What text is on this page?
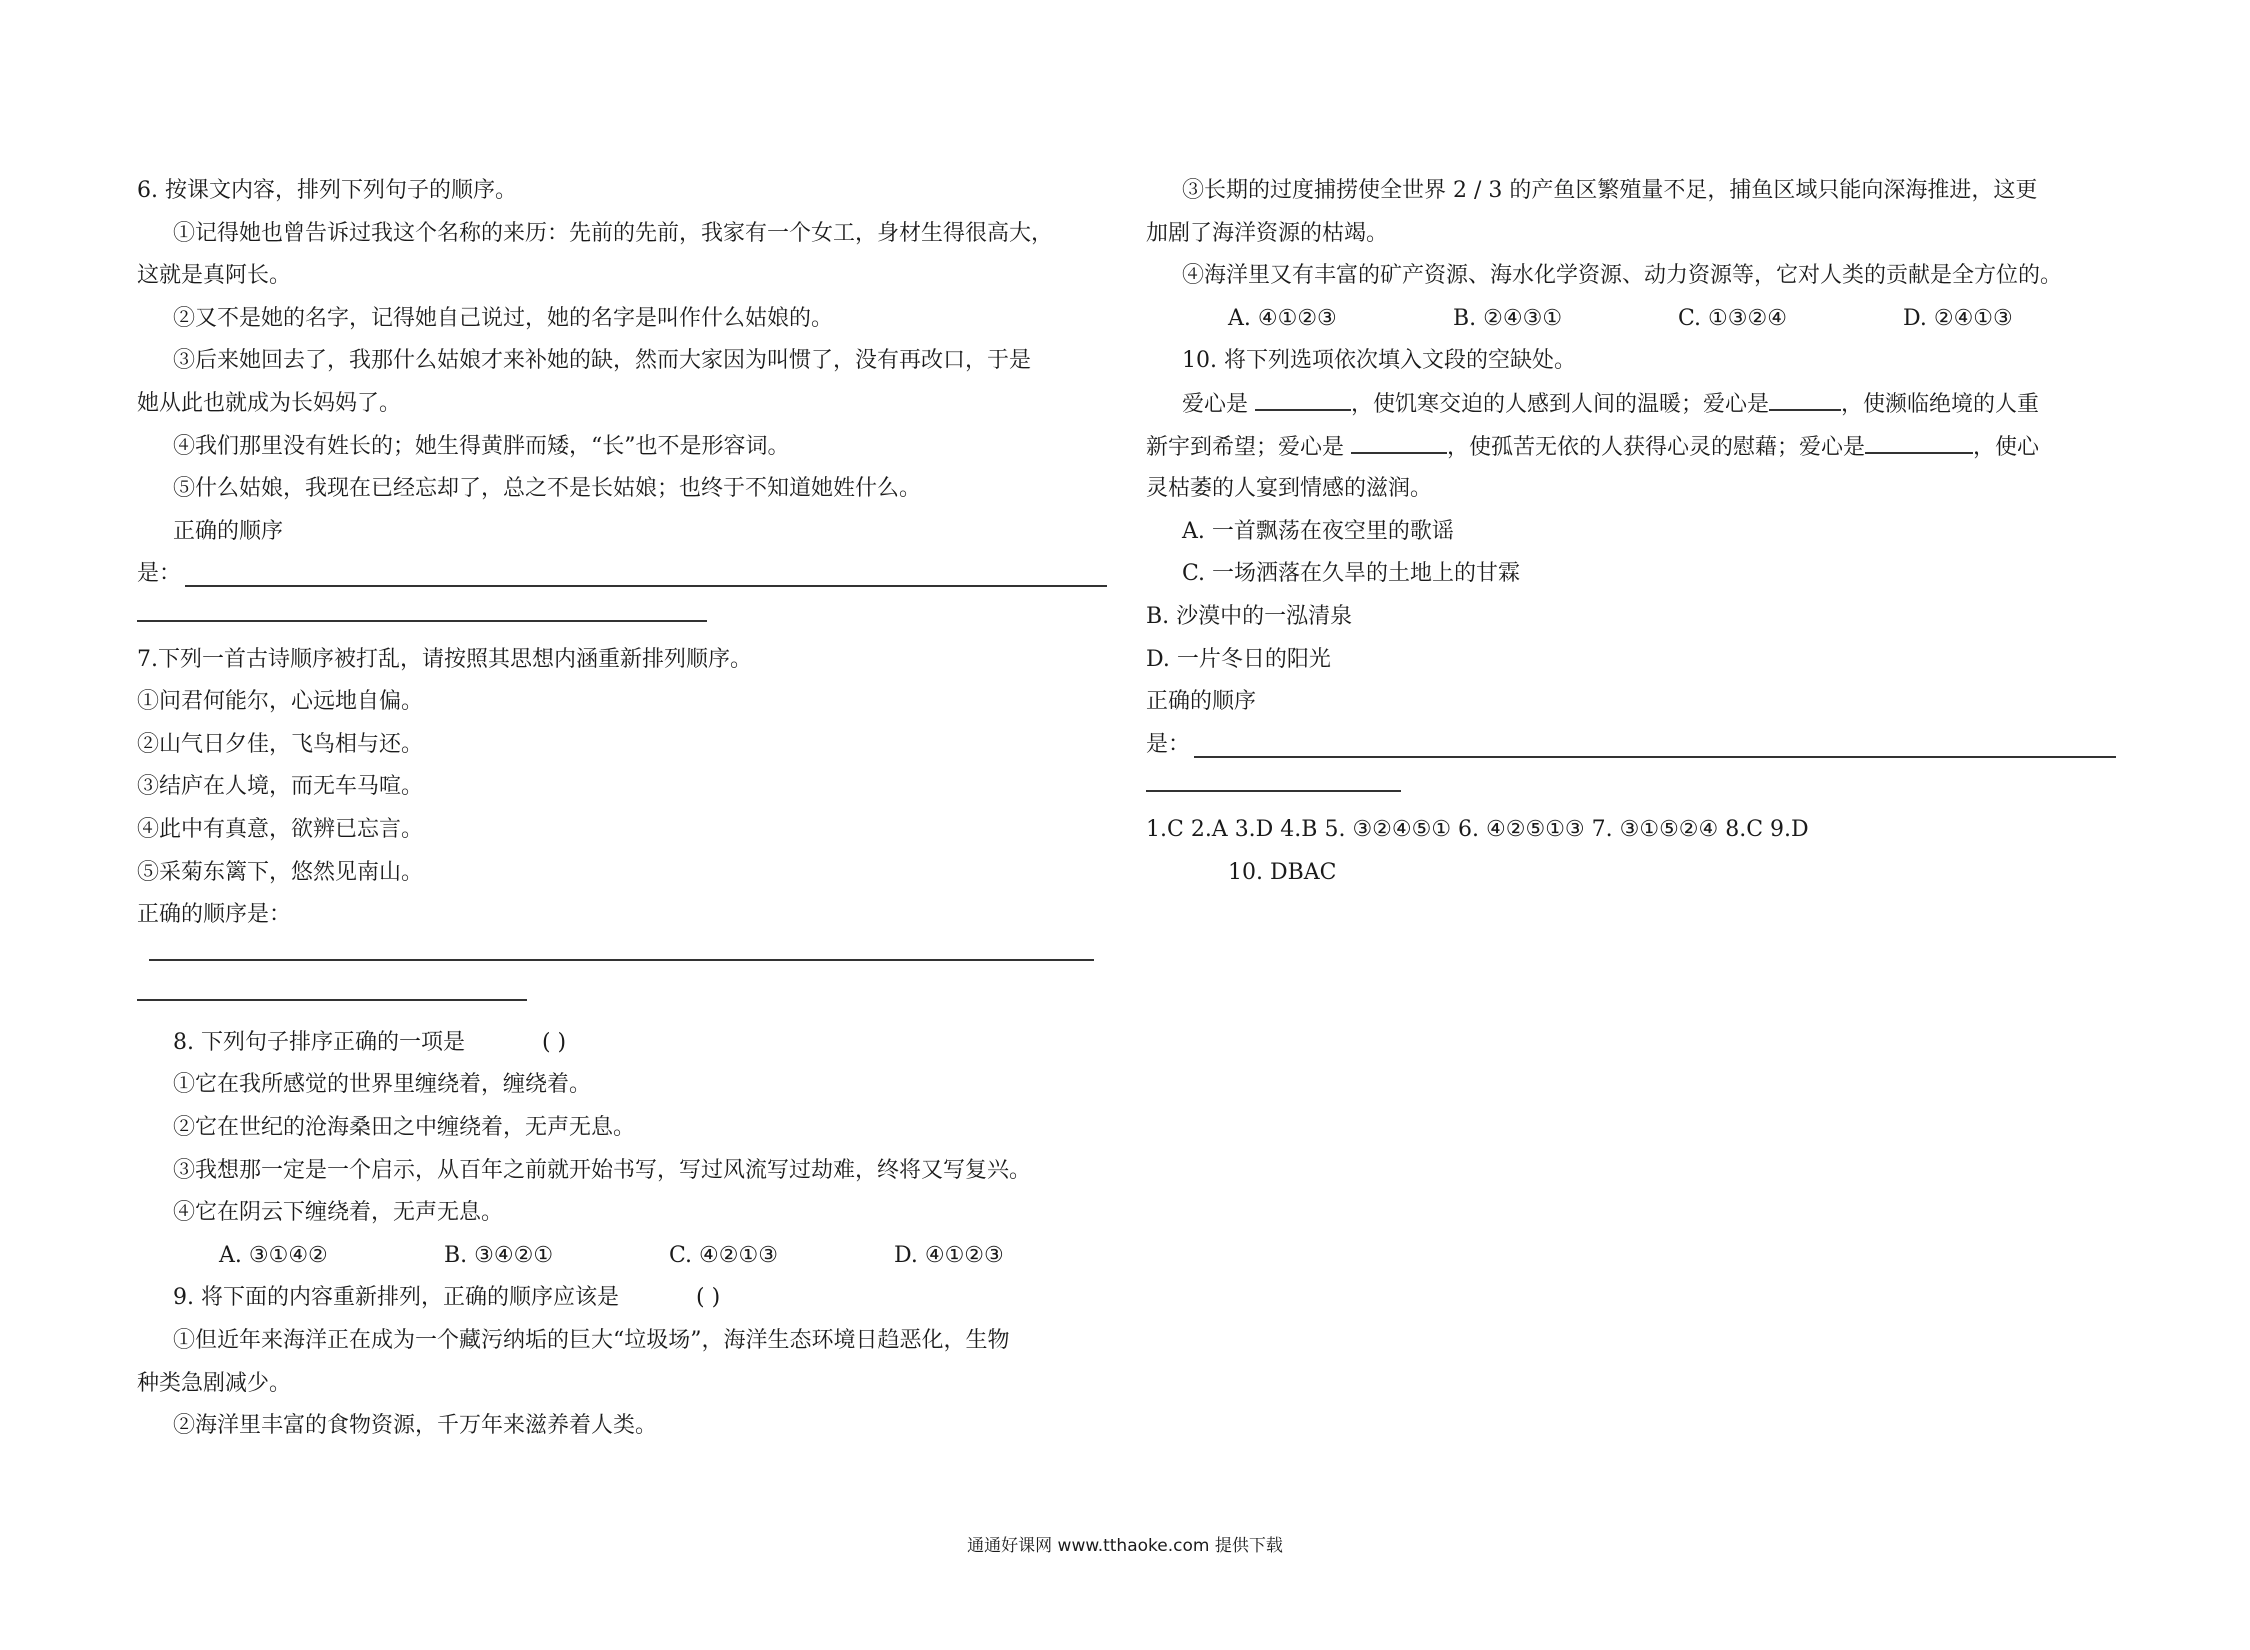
6. 按课文内容，排列下列句子的顺序。
①记得她也曾告诉过我这个名称的来历：先前的先前，我家有一个女工，身材生得很高大，
这就是真阿长。
②又不是她的名字，记得她自己说过，她的名字是叫作什么姑娘的。
③后来她回去了，我那什么姑娘才来补她的缺，然而大家因为叫惯了，没有再改口，于是
她从此也就成为长妈妈了。
④我们那里没有姓长的；她生得黄胖而矮，“长”也不是形容词。
⑤什么姑娘，我现在已经忘却了，总之不是长姑娘；也终于不知道她姓什么。
正确的顺序
是：
7.下列一首古诗顺序被打乱，请按照其思想内涵重新排列顺序。
①问君何能尔，心远地自偏。
②山气日夕佳，飞鸟相与还。
③结庐在人境，而无车马喧。
④此中有真意，欲辨已忘言。
⑤采菊东篱下，悠然见南山。
正确的顺序是：
8. 下列句子排序正确的一项是	( )
①它在我所感觉的世界里缠绕着，缠绕着。
②它在世纪的沧海桑田之中缠绕着，无声无息。
③我想那一定是一个启示，从百年之前就开始书写，写过风流写过劫难，终将又写复兴。
④它在阴云下缠绕着，无声无息。
A. ③①④②	B. ③④②①	C. ④②①③	D. ④①②③
9. 将下面的内容重新排列，正确的顺序应该是	( )
①但近年来海洋正在成为一个藏污纳垢的巨大“垃圾场”，海洋生态环境日趋恶化，生物
种类急剧减少。
②海洋里丰富的食物资源，千万年来滋养着人类。
③长期的过度捕捞使全世界 2 / 3 的产鱼区繁殖量不足，捕鱼区域只能向深海推进，这更
加剧了海洋资源的枯竭。
④海洋里又有丰富的矿产资源、海水化学资源、动力资源等，它对人类的贡献是全方位的。
A. ④①②③	B. ②④③①	C. ①③②④	D. ②④①③
10. 将下列选项依次填入文段的空缺处。
爱心是	，使饥寒交迫的人感到人间的温暖；爱心是	，使濒临绝境的人重
新宇到希望；爱心是	，使孤苦无依的人获得心灵的慰藉；爱心是	，使心
灵枯萎的人宴到情感的滋润。
A. 一首飘荡在夜空里的歌谣
C. 一场洒落在久旱的土地上的甘霖
B. 沙漠中的一泓清泉
D. 一片冬日的阳光
正确的顺序
是：
1.C 2.A 3.D 4.B 5. ③②④⑤① 6. ④②⑤①③ 7. ③①⑤②④ 8.C 9.D
10. DBAC
通通好课网 www.tthaoke.com 提供下载
